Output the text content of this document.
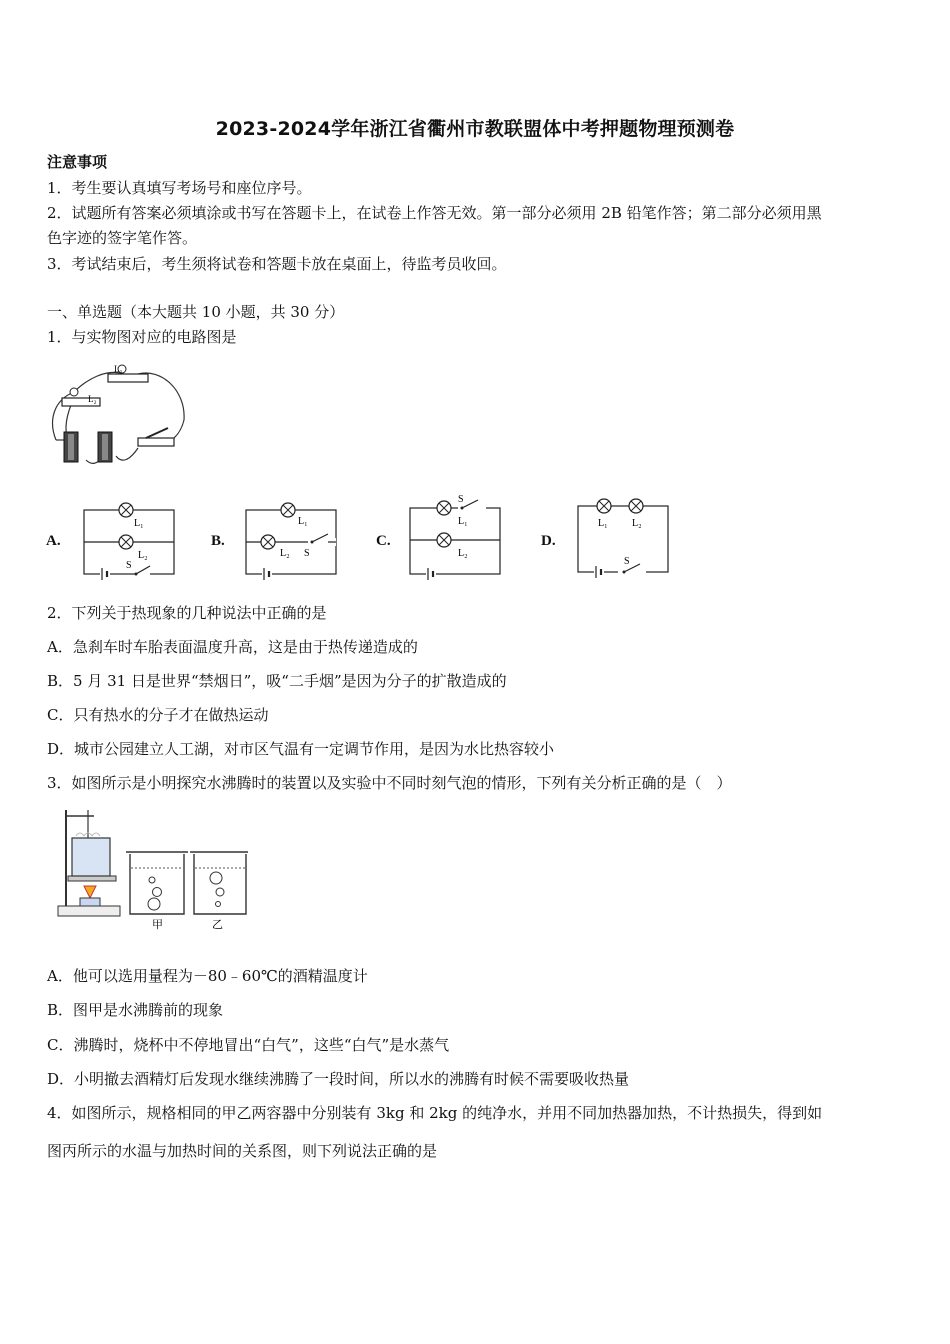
2023-2024学年浙江省衢州市教联盟体中考押题物理预测卷
注意事项
1．考生要认真填写考场号和座位序号。
2．试题所有答案必须填涂或书写在答题卡上，在试卷上作答无效。第一部分必须用 2B 铅笔作答；第二部分必须用黑
色字迹的签字笔作答。
3．考试结束后，考生须将试卷和答题卡放在桌面上，待监考员收回。
一、单选题（本大题共 10 小题，共 30 分）
1．与实物图对应的电路图是
L₁
L₂
A.
L₁
L₂
S
B.
L₁
L₂ S
C.
S
L₁
L₂
D.
L₁ L₂
S
2．下列关于热现象的几种说法中正确的是
A．急刹车时车胎表面温度升高，这是由于热传递造成的
B．5 月 31 日是世界“禁烟日”，吸“二手烟”是因为分子的扩散造成的
C．只有热水的分子才在做热运动
D．城市公园建立人工湖，对市区气温有一定调节作用，是因为水比热容较小
3．如图所示是小明探究水沸腾时的装置以及实验中不同时刻气泡的情形，下列有关分析正确的是（　）
甲	乙
A．他可以选用量程为－80﹣60℃的酒精温度计
B．图甲是水沸腾前的现象
C．沸腾时，烧杯中不停地冒出“白气”，这些“白气”是水蒸气
D．小明撤去酒精灯后发现水继续沸腾了一段时间，所以水的沸腾有时候不需要吸收热量
4．如图所示，规格相同的甲乙两容器中分别装有 3kg 和 2kg 的纯净水，并用不同加热器加热，不计热损失，得到如
图丙所示的水温与加热时间的关系图，则下列说法正确的是
